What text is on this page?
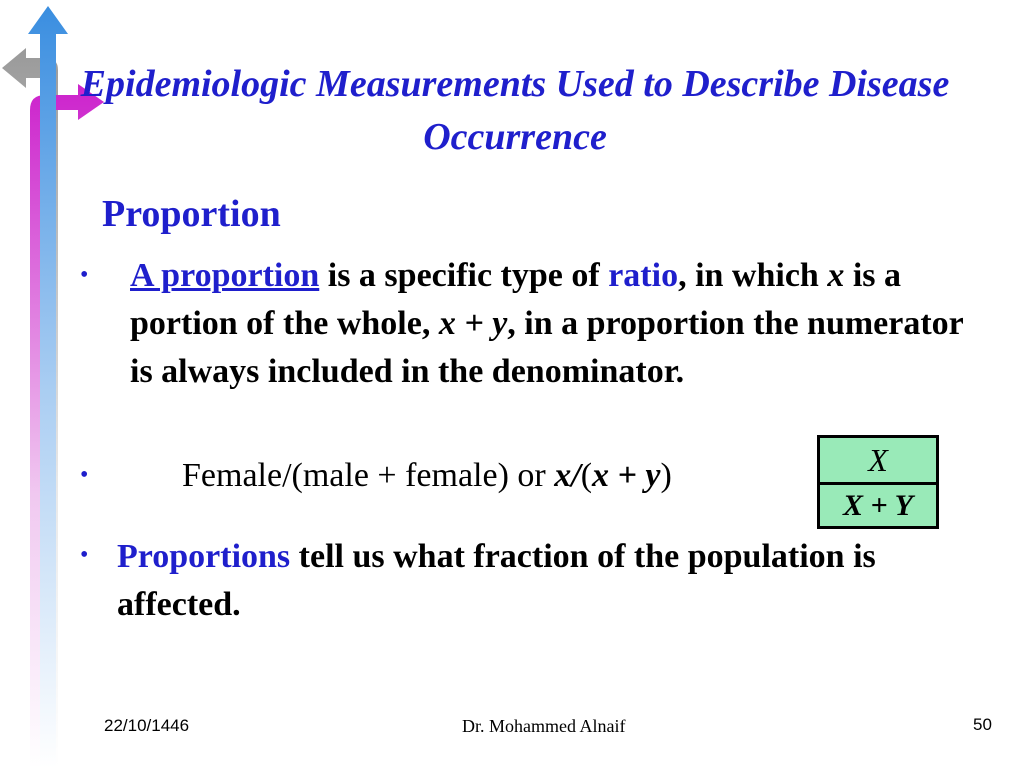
Epidemiologic Measurements Used to Describe Disease Occurrence
Proportion
• A proportion is a specific type of ratio, in which x is a portion of the whole, x + y, in a proportion the numerator is always included in the denominator.
•	Female/(male + female) or x/(x + y)	X
X + Y
• Proportions tell us what fraction of the population is affected.
22/10/1446	Dr. Mohammed Alnaif	50
